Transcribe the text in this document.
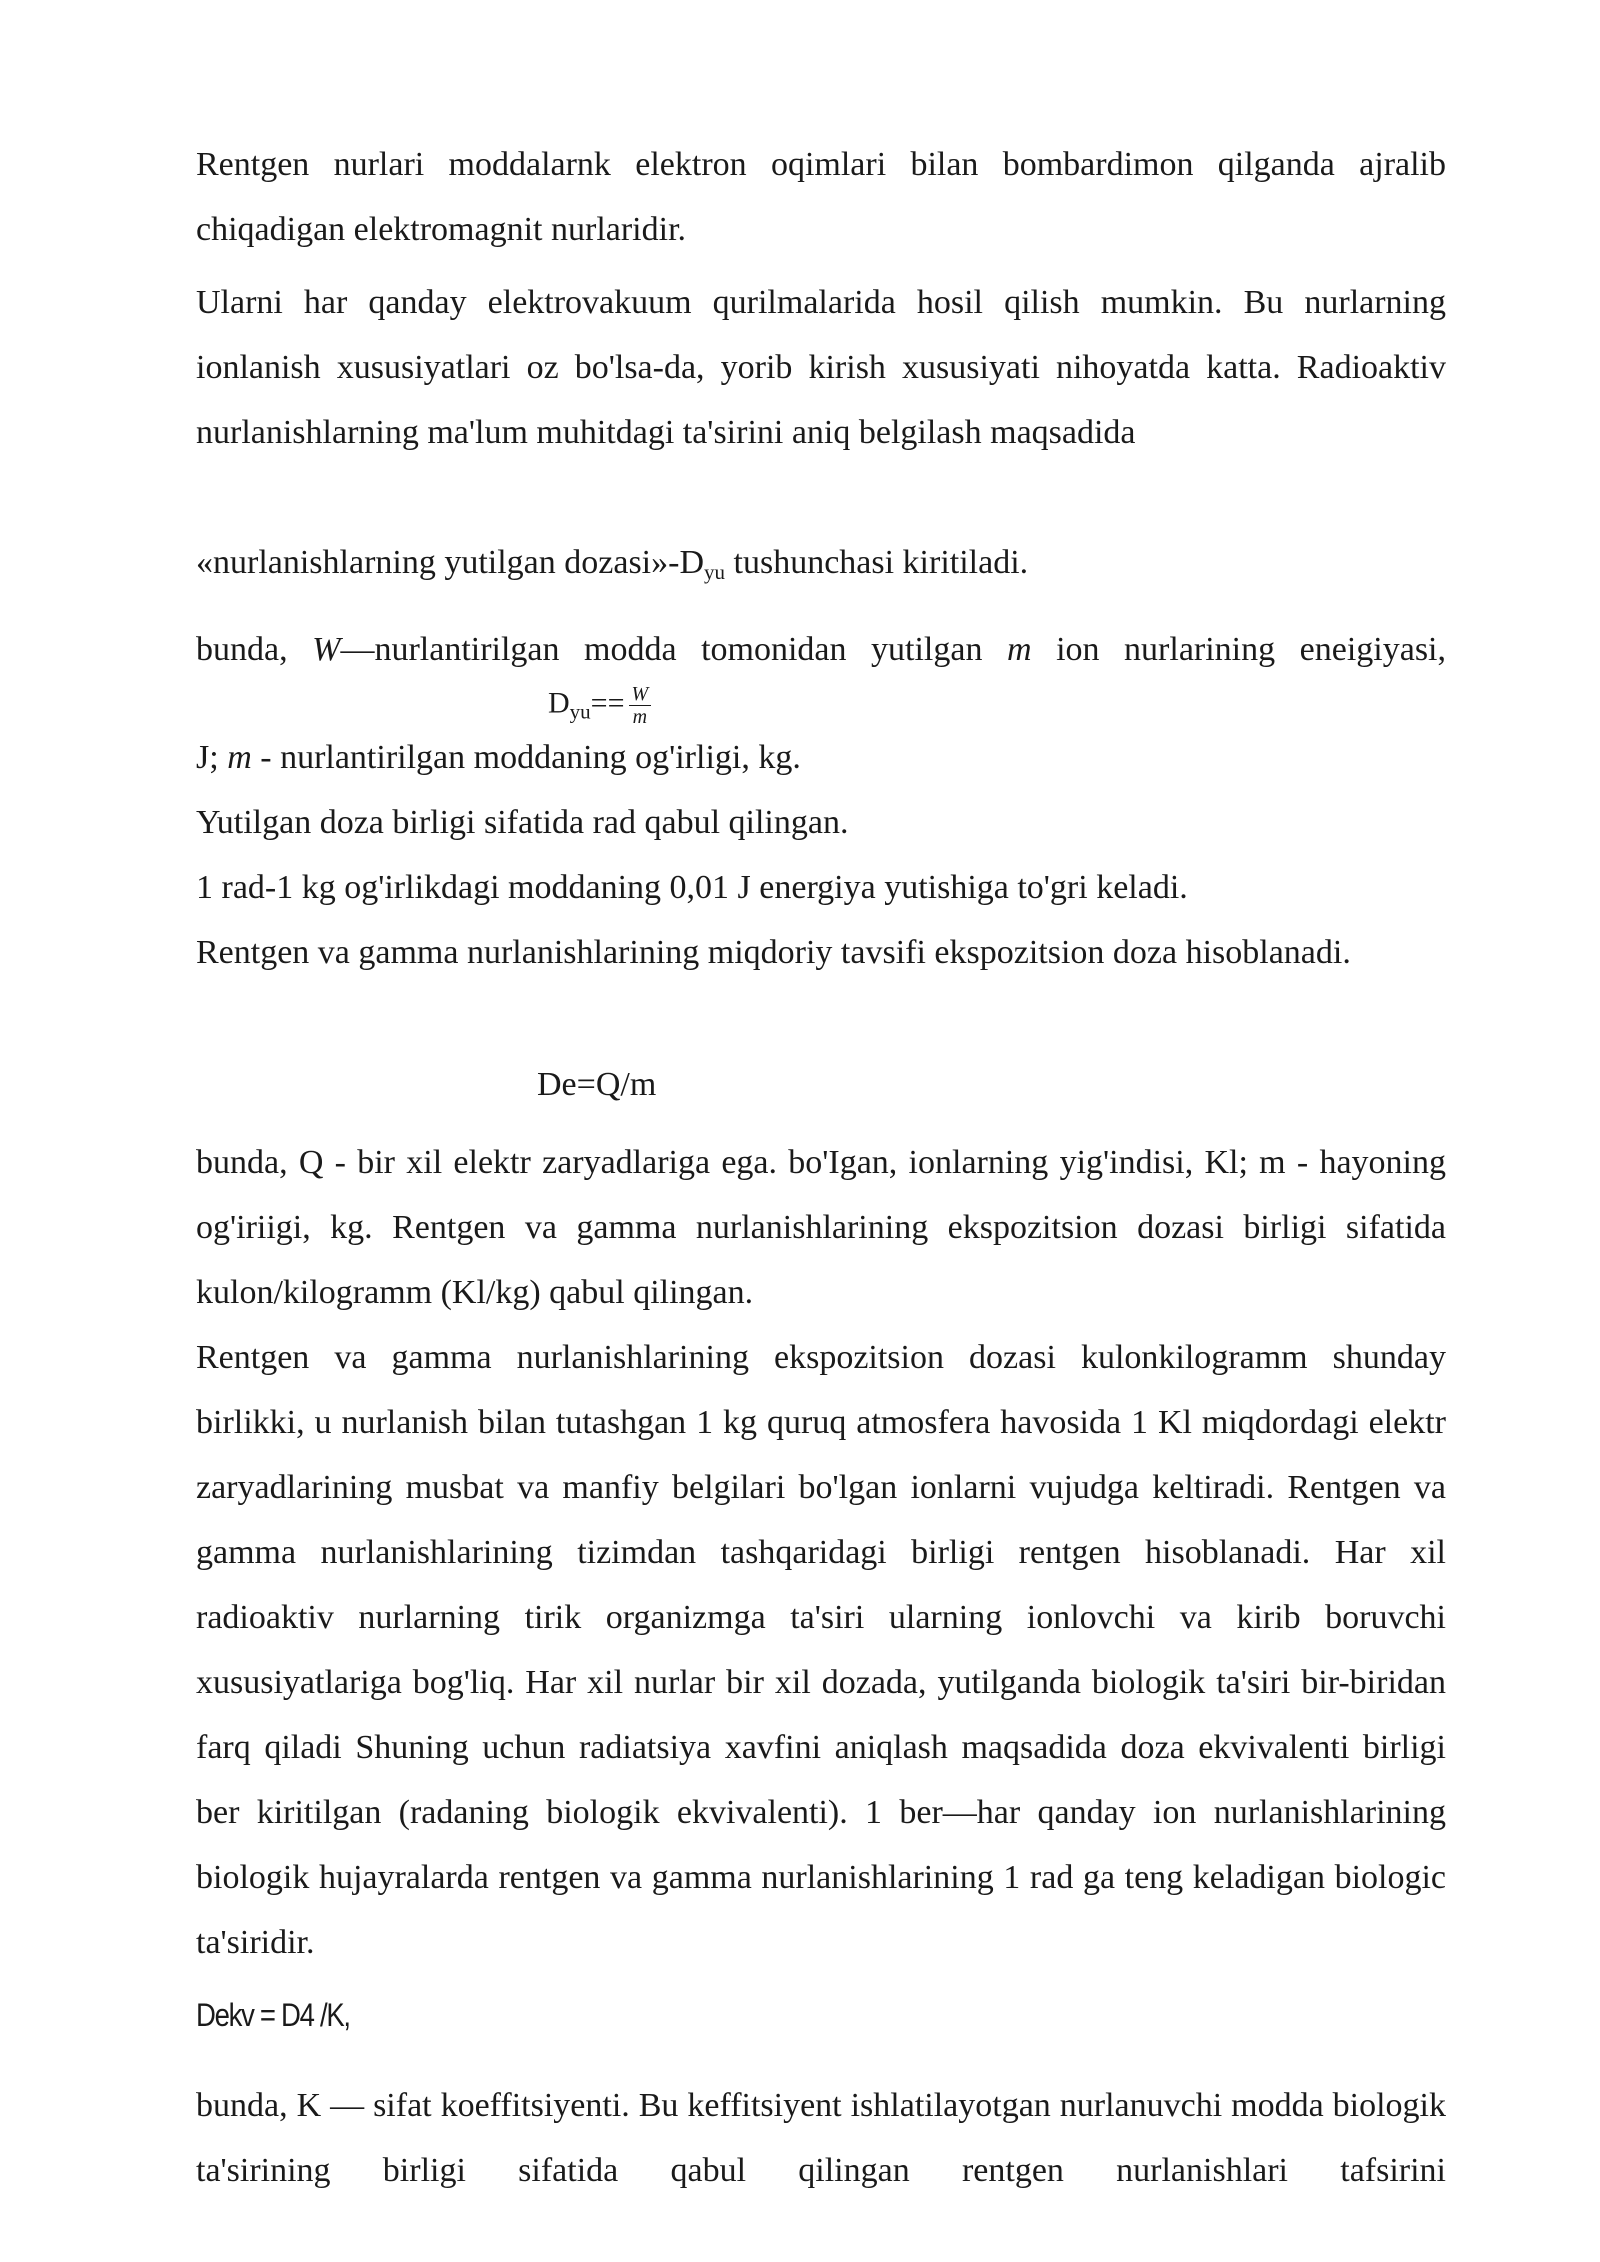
Rentgen nurlari moddalarnk elektron oqimlari bilan bombardimon qilganda ajralib chiqadigan elektromagnit nurlaridir.

Ularni har qanday elektrovakuum qurilmalarida hosil qilish mumkin. Bu nurlarning ionlanish xususiyatlari oz bo'lsa-da, yorib kirish xususiyati nihoyatda katta. Radioaktiv nurlanishlarning ma'lum muhitdagi ta'sirini aniq belgilash maqsadida

«nurlanishlarning yutilgan $dozasi»-D_{yu}$ tushunchasi kiritiladi.

bunda, W—nurlantirilgan modda tomonidan yutilgan m ion nurlarining eneigiyasi,

$D_{yu}== \frac{W}{m}$

J; m - nurlantirilgan moddaning og'irligi, kg.

Yutilgan doza birligi sifatida rad qabul qilingan.

1 rad-1 kg og'irlikdagi moddaning 0,01 J energiya yutishiga to'gri keladi.

Rentgen va gamma nurlanishlarining miqdoriy tavsifi ekspozitsion doza hisoblanadi.

De=Q/m

bunda, Q - bir xil elektr zaryadlariga ega. bo'Igan, ionlarning yig'indisi, Kl; m - hayoning og'iriigi, kg. Rentgen va gamma nurlanishlarining ekspozitsion dozasi birligi sifatida kulon/kilogramm (Kl/kg) qabul qilingan.

Rentgen va gamma nurlanishlarining ekspozitsion dozasi kulonkilogramm shunday birlikki, u nurlanish bilan tutashgan 1 kg quruq atmosfera havosida 1 Kl miqdordagi elektr zaryadlarining musbat va manfiy belgilari bo'lgan ionlarni vujudga keltiradi. Rentgen va gamma nurlanishlarining tizimdan tashqaridagi birligi rentgen hisoblanadi. Har xil radioaktiv nurlarning tirik organizmga ta'siri ularning ionlovchi va kirib boruvchi xususiyatlariga bog'liq. Har xil nurlar bir xil dozada, yutilganda biologik ta'siri bir-biridan farq qiladi Shuning uchun radiatsiya xavfini aniqlash maqsadida doza ekvivalenti birligi ber kiritilgan (radaning biologik ekvivalenti). 1 ber—har qanday ion nurlanishlarining biologik hujayralarda rentgen va gamma nurlanishlarining 1 rad ga teng keladigan biologic ta'siridir.

Dekv = D4 /K,

bunda, K — sifat koeffitsiyenti. Bu keffitsiyent ishlatilayotgan nurlanuvchi modda biologik ta'sirining birligi sifatida qabul qilingan rentgen nurlanishlari tafsirini
